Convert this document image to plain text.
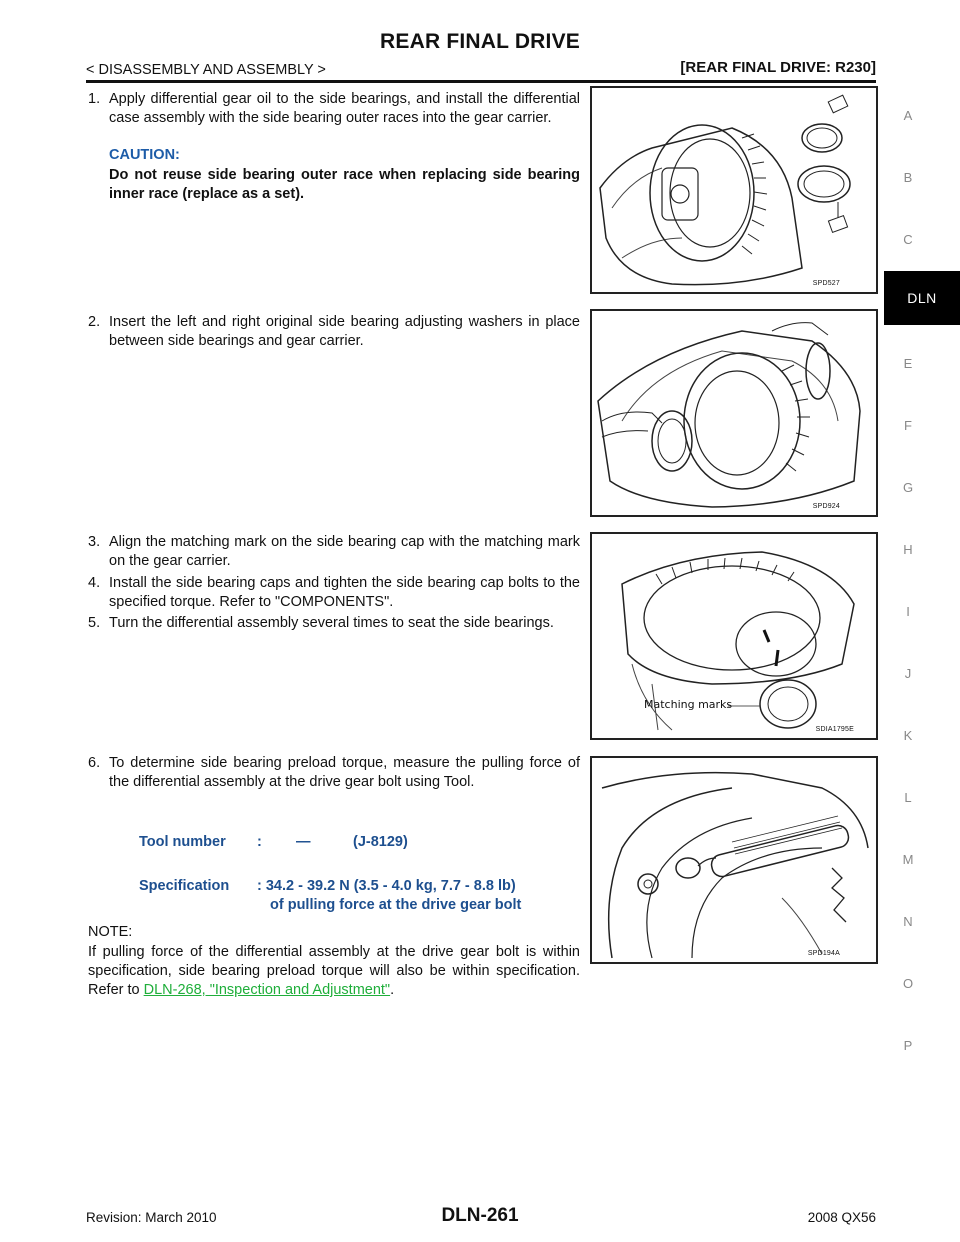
REAR FINAL DRIVE
< DISASSEMBLY AND ASSEMBLY >	[REAR FINAL DRIVE: R230]
A
B
C
DLN
E
F
G
H
I
J
K
L
M
N
O
P
1. Apply differential gear oil to the side bearings, and install the differential case assembly with the side bearing outer races into the gear carrier.
CAUTION:
Do not reuse side bearing outer race when replacing side bearing inner race (replace as a set).
2. Insert the left and right original side bearing adjusting washers in place between side bearings and gear carrier.
3. Align the matching mark on the side bearing cap with the matching mark on the gear carrier.
4. Install the side bearing caps and tighten the side bearing cap bolts to the specified torque. Refer to "COMPONENTS".
5. Turn the differential assembly several times to seat the side bearings.
6. To determine side bearing preload torque, measure the pulling force of the differential assembly at the drive gear bolt using Tool.
Tool number : —	(J-8129)
Specification : 34.2 - 39.2 N (3.5 - 4.0 kg, 7.7 - 8.8 lb)
of pulling force at the drive gear bolt
NOTE:
If pulling force of the differential assembly at the drive gear bolt is within specification, side bearing preload torque will also be within specification. Refer to DLN-268, "Inspection and Adjustment".
SPD527
SPD924
Matching marks
SDIA1795E
SPD194A
Revision: March 2010	DLN-261	2008 QX56
